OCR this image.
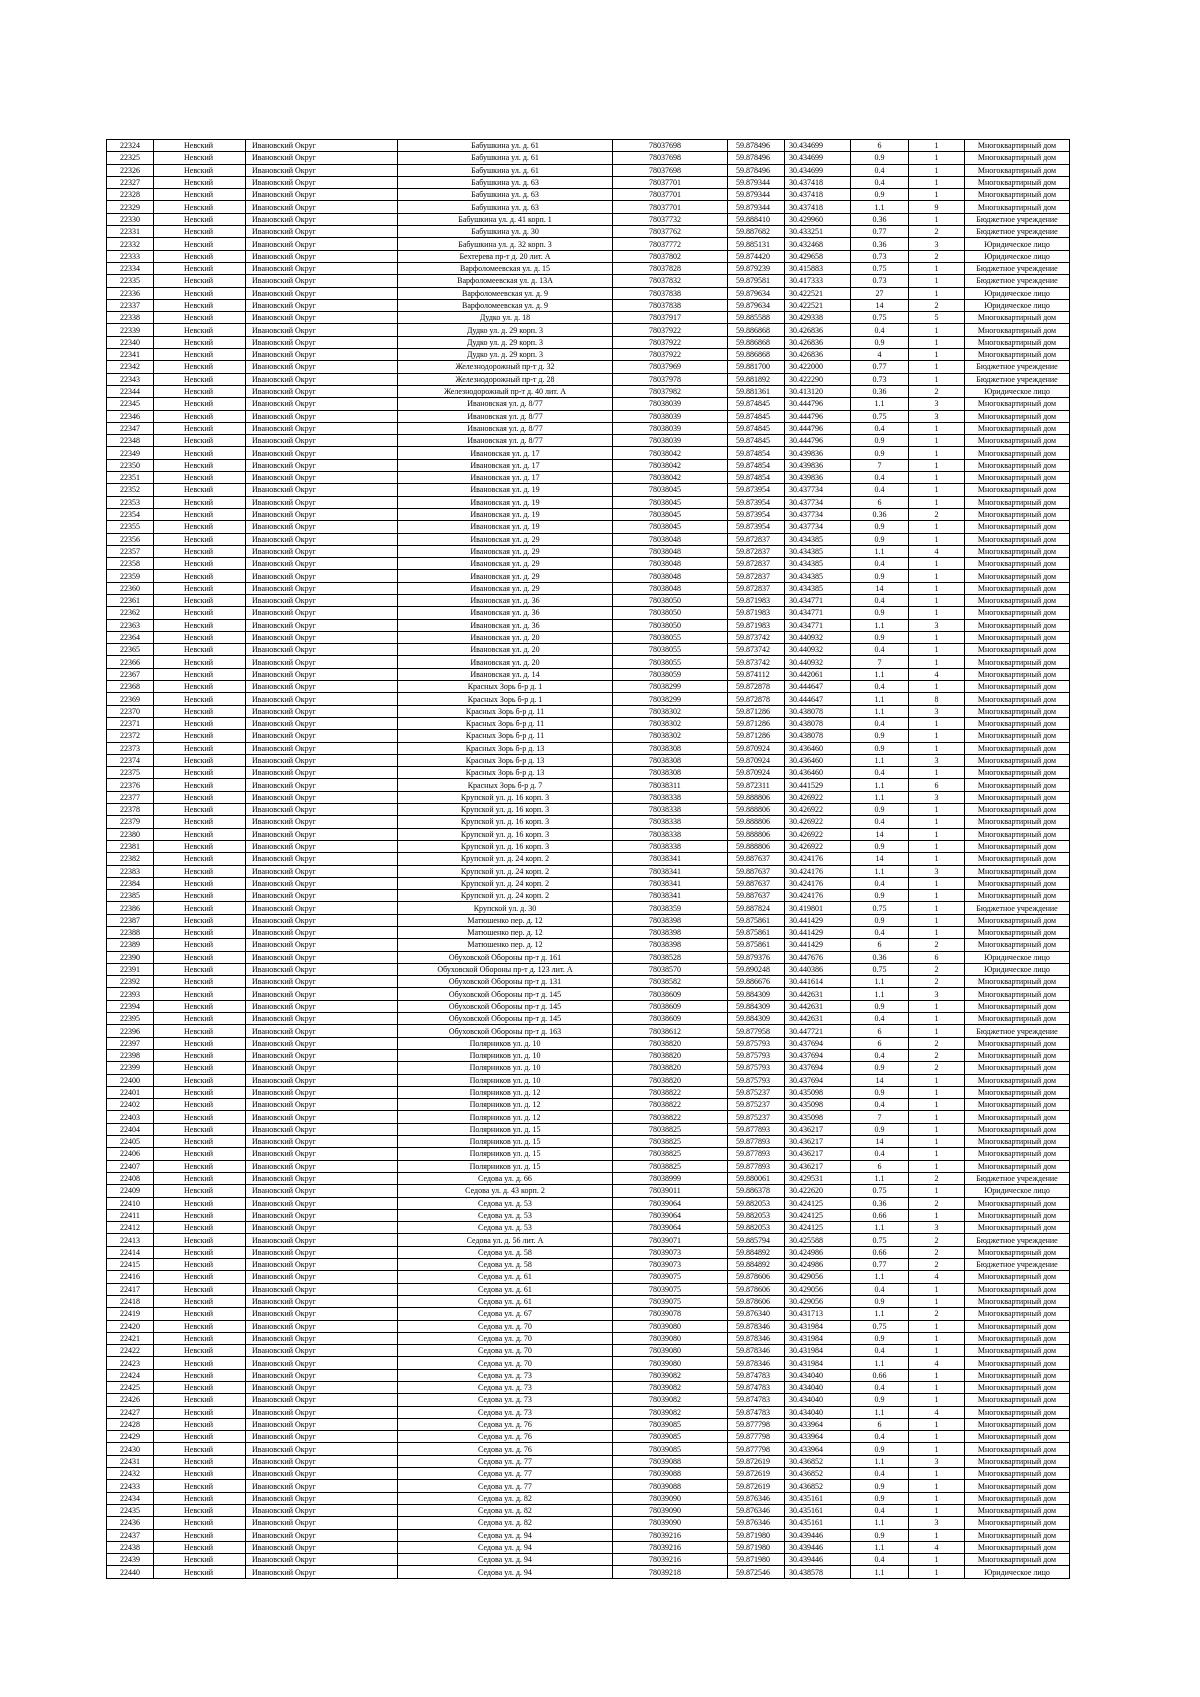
22324	Невский	Ивановский Округ	Бабушкина ул. д. 61	78037698	59.878496	30.434699	6	1	Многоквартирный дом
22325	Невский	Ивановский Округ	Бабушкина ул. д. 61	78037698	59.878496	30.434699	0.9	1	Многоквартирный дом
22326	Невский	Ивановский Округ	Бабушкина ул. д. 61	78037698	59.878496	30.434699	0.4	1	Многоквартирный дом
22327	Невский	Ивановский Округ	Бабушкина ул. д. 63	78037701	59.879344	30.437418	0.4	1	Многоквартирный дом
22328	Невский	Ивановский Округ	Бабушкина ул. д. 63	78037701	59.879344	30.437418	0.9	1	Многоквартирный дом
22329	Невский	Ивановский Округ	Бабушкина ул. д. 63	78037701	59.879344	30.437418	1.1	9	Многоквартирный дом
22330	Невский	Ивановский Округ	Бабушкина ул. д. 41 корп. 1	78037732	59.888410	30.429960	0.36	1	Бюджетное учреждение
22331	Невский	Ивановский Округ	Бабушкина ул. д. 30	78037762	59.887682	30.433251	0.77	2	Бюджетное учреждение
22332	Невский	Ивановский Округ	Бабушкина ул. д. 32 корп. 3	78037772	59.885131	30.432468	0.36	3	Юридическое лицо
22333	Невский	Ивановский Округ	Бехтерева пр-т д. 20 лит. А	78037802	59.874420	30.429658	0.73	2	Юридическое лицо
22334	Невский	Ивановский Округ	Варфоломеевская ул. д. 15	78037828	59.879239	30.415883	0.75	1	Бюджетное учреждение
22335	Невский	Ивановский Округ	Варфоломеевская ул. д. 13А	78037832	59.879581	30.417333	0.73	1	Бюджетное учреждение
22336	Невский	Ивановский Округ	Варфоломеевская ул. д. 9	78037838	59.879634	30.422521	27	1	Юридическое лицо
22337	Невский	Ивановский Округ	Варфоломеевская ул. д. 9	78037838	59.879634	30.422521	14	2	Юридическое лицо
22338	Невский	Ивановский Округ	Дудко ул. д. 18	78037917	59.885588	30.429338	0.75	5	Многоквартирный дом
22339	Невский	Ивановский Округ	Дудко ул. д. 29 корп. 3	78037922	59.886868	30.426836	0.4	1	Многоквартирный дом
22340	Невский	Ивановский Округ	Дудко ул. д. 29 корп. 3	78037922	59.886868	30.426836	0.9	1	Многоквартирный дом
22341	Невский	Ивановский Округ	Дудко ул. д. 29 корп. 3	78037922	59.886868	30.426836	4	1	Многоквартирный дом
22342	Невский	Ивановский Округ	Железнодорожный пр-т д. 32	78037969	59.881700	30.422000	0.77	1	Бюджетное учреждение
22343	Невский	Ивановский Округ	Железнодорожный пр-т д. 28	78037978	59.881892	30.422290	0.73	1	Бюджетное учреждение
22344	Невский	Ивановский Округ	Железнодорожный пр-т д. 40 лит. А	78037982	59.881361	30.413120	0.36	2	Юридическое лицо
22345	Невский	Ивановский Округ	Ивановская ул. д. 8/77	78038039	59.874845	30.444796	1.1	3	Многоквартирный дом
22346	Невский	Ивановский Округ	Ивановская ул. д. 8/77	78038039	59.874845	30.444796	0.75	3	Многоквартирный дом
22347	Невский	Ивановский Округ	Ивановская ул. д. 8/77	78038039	59.874845	30.444796	0.4	1	Многоквартирный дом
22348	Невский	Ивановский Округ	Ивановская ул. д. 8/77	78038039	59.874845	30.444796	0.9	1	Многоквартирный дом
22349	Невский	Ивановский Округ	Ивановская ул. д. 17	78038042	59.874854	30.439836	0.9	1	Многоквартирный дом
22350	Невский	Ивановский Округ	Ивановская ул. д. 17	78038042	59.874854	30.439836	7	1	Многоквартирный дом
22351	Невский	Ивановский Округ	Ивановская ул. д. 17	78038042	59.874854	30.439836	0.4	1	Многоквартирный дом
22352	Невский	Ивановский Округ	Ивановская ул. д. 19	78038045	59.873954	30.437734	0.4	1	Многоквартирный дом
22353	Невский	Ивановский Округ	Ивановская ул. д. 19	78038045	59.873954	30.437734	6	1	Многоквартирный дом
22354	Невский	Ивановский Округ	Ивановская ул. д. 19	78038045	59.873954	30.437734	0.36	2	Многоквартирный дом
22355	Невский	Ивановский Округ	Ивановская ул. д. 19	78038045	59.873954	30.437734	0.9	1	Многоквартирный дом
22356	Невский	Ивановский Округ	Ивановская ул. д. 29	78038048	59.872837	30.434385	0.9	1	Многоквартирный дом
22357	Невский	Ивановский Округ	Ивановская ул. д. 29	78038048	59.872837	30.434385	1.1	4	Многоквартирный дом
22358	Невский	Ивановский Округ	Ивановская ул. д. 29	78038048	59.872837	30.434385	0.4	1	Многоквартирный дом
22359	Невский	Ивановский Округ	Ивановская ул. д. 29	78038048	59.872837	30.434385	0.9	1	Многоквартирный дом
22360	Невский	Ивановский Округ	Ивановская ул. д. 29	78038048	59.872837	30.434385	14	1	Многоквартирный дом
22361	Невский	Ивановский Округ	Ивановская ул. д. 36	78038050	59.871983	30.434771	0.4	1	Многоквартирный дом
22362	Невский	Ивановский Округ	Ивановская ул. д. 36	78038050	59.871983	30.434771	0.9	1	Многоквартирный дом
22363	Невский	Ивановский Округ	Ивановская ул. д. 36	78038050	59.871983	30.434771	1.1	3	Многоквартирный дом
22364	Невский	Ивановский Округ	Ивановская ул. д. 20	78038055	59.873742	30.440932	0.9	1	Многоквартирный дом
22365	Невский	Ивановский Округ	Ивановская ул. д. 20	78038055	59.873742	30.440932	0.4	1	Многоквартирный дом
22366	Невский	Ивановский Округ	Ивановская ул. д. 20	78038055	59.873742	30.440932	7	1	Многоквартирный дом
22367	Невский	Ивановский Округ	Ивановская ул. д. 14	78038059	59.874112	30.442061	1.1	4	Многоквартирный дом
22368	Невский	Ивановский Округ	Красных Зорь б-р д. 1	78038299	59.872878	30.444647	0.4	1	Многоквартирный дом
22369	Невский	Ивановский Округ	Красных Зорь б-р д. 1	78038299	59.872878	30.444647	1.1	8	Многоквартирный дом
22370	Невский	Ивановский Округ	Красных Зорь б-р д. 11	78038302	59.871286	30.438078	1.1	3	Многоквартирный дом
22371	Невский	Ивановский Округ	Красных Зорь б-р д. 11	78038302	59.871286	30.438078	0.4	1	Многоквартирный дом
22372	Невский	Ивановский Округ	Красных Зорь б-р д. 11	78038302	59.871286	30.438078	0.9	1	Многоквартирный дом
22373	Невский	Ивановский Округ	Красных Зорь б-р д. 13	78038308	59.870924	30.436460	0.9	1	Многоквартирный дом
22374	Невский	Ивановский Округ	Красных Зорь б-р д. 13	78038308	59.870924	30.436460	1.1	3	Многоквартирный дом
22375	Невский	Ивановский Округ	Красных Зорь б-р д. 13	78038308	59.870924	30.436460	0.4	1	Многоквартирный дом
22376	Невский	Ивановский Округ	Красных Зорь б-р д. 7	78038311	59.872311	30.441529	1.1	6	Многоквартирный дом
22377	Невский	Ивановский Округ	Крупской ул. д. 16 корп. 3	78038338	59.888806	30.426922	1.1	3	Многоквартирный дом
22378	Невский	Ивановский Округ	Крупской ул. д. 16 корп. 3	78038338	59.888806	30.426922	0.9	1	Многоквартирный дом
22379	Невский	Ивановский Округ	Крупской ул. д. 16 корп. 3	78038338	59.888806	30.426922	0.4	1	Многоквартирный дом
22380	Невский	Ивановский Округ	Крупской ул. д. 16 корп. 3	78038338	59.888806	30.426922	14	1	Многоквартирный дом
22381	Невский	Ивановский Округ	Крупской ул. д. 16 корп. 3	78038338	59.888806	30.426922	0.9	1	Многоквартирный дом
22382	Невский	Ивановский Округ	Крупской ул. д. 24 корп. 2	78038341	59.887637	30.424176	14	1	Многоквартирный дом
22383	Невский	Ивановский Округ	Крупской ул. д. 24 корп. 2	78038341	59.887637	30.424176	1.1	3	Многоквартирный дом
22384	Невский	Ивановский Округ	Крупской ул. д. 24 корп. 2	78038341	59.887637	30.424176	0.4	1	Многоквартирный дом
22385	Невский	Ивановский Округ	Крупской ул. д. 24 корп. 2	78038341	59.887637	30.424176	0.9	1	Многоквартирный дом
22386	Невский	Ивановский Округ	Крупской ул. д. 30	78038359	59.887824	30.419801	0.75	1	Бюджетное учреждение
22387	Невский	Ивановский Округ	Матюшенко пер. д. 12	78038398	59.875861	30.441429	0.9	1	Многоквартирный дом
22388	Невский	Ивановский Округ	Матюшенко пер. д. 12	78038398	59.875861	30.441429	0.4	1	Многоквартирный дом
22389	Невский	Ивановский Округ	Матюшенко пер. д. 12	78038398	59.875861	30.441429	6	2	Многоквартирный дом
22390	Невский	Ивановский Округ	Обуховской Обороны пр-т д. 161	78038528	59.879376	30.447676	0.36	6	Юридическое лицо
22391	Невский	Ивановский Округ	Обуховской Обороны пр-т д. 123 лит. А	78038570	59.890248	30.440386	0.75	2	Юридическое лицо
22392	Невский	Ивановский Округ	Обуховской Обороны пр-т д. 131	78038582	59.886676	30.441614	1.1	2	Многоквартирный дом
22393	Невский	Ивановский Округ	Обуховской Обороны пр-т д. 145	78038609	59.884309	30.442631	1.1	3	Многоквартирный дом
22394	Невский	Ивановский Округ	Обуховской Обороны пр-т д. 145	78038609	59.884309	30.442631	0.9	1	Многоквартирный дом
22395	Невский	Ивановский Округ	Обуховской Обороны пр-т д. 145	78038609	59.884309	30.442631	0.4	1	Многоквартирный дом
22396	Невский	Ивановский Округ	Обуховской Обороны пр-т д. 163	78038612	59.877958	30.447721	6	1	Бюджетное учреждение
22397	Невский	Ивановский Округ	Полярников ул. д. 10	78038820	59.875793	30.437694	6	2	Многоквартирный дом
22398	Невский	Ивановский Округ	Полярников ул. д. 10	78038820	59.875793	30.437694	0.4	2	Многоквартирный дом
22399	Невский	Ивановский Округ	Полярников ул. д. 10	78038820	59.875793	30.437694	0.9	2	Многоквартирный дом
22400	Невский	Ивановский Округ	Полярников ул. д. 10	78038820	59.875793	30.437694	14	1	Многоквартирный дом
22401	Невский	Ивановский Округ	Полярников ул. д. 12	78038822	59.875237	30.435098	0.9	1	Многоквартирный дом
22402	Невский	Ивановский Округ	Полярников ул. д. 12	78038822	59.875237	30.435098	0.4	1	Многоквартирный дом
22403	Невский	Ивановский Округ	Полярников ул. д. 12	78038822	59.875237	30.435098	7	1	Многоквартирный дом
22404	Невский	Ивановский Округ	Полярников ул. д. 15	78038825	59.877893	30.436217	0.9	1	Многоквартирный дом
22405	Невский	Ивановский Округ	Полярников ул. д. 15	78038825	59.877893	30.436217	14	1	Многоквартирный дом
22406	Невский	Ивановский Округ	Полярников ул. д. 15	78038825	59.877893	30.436217	0.4	1	Многоквартирный дом
22407	Невский	Ивановский Округ	Полярников ул. д. 15	78038825	59.877893	30.436217	6	1	Многоквартирный дом
22408	Невский	Ивановский Округ	Седова ул. д. 66	78038999	59.880061	30.429531	1.1	2	Бюджетное учреждение
22409	Невский	Ивановский Округ	Седова ул. д. 43 корп. 2	78039011	59.886378	30.422620	0.75	1	Юридическое лицо
22410	Невский	Ивановский Округ	Седова ул. д. 53	78039064	59.882053	30.424125	0.36	2	Многоквартирный дом
22411	Невский	Ивановский Округ	Седова ул. д. 53	78039064	59.882053	30.424125	0.66	1	Многоквартирный дом
22412	Невский	Ивановский Округ	Седова ул. д. 53	78039064	59.882053	30.424125	1.1	3	Многоквартирный дом
22413	Невский	Ивановский Округ	Седова ул. д. 56 лит. А	78039071	59.885794	30.425588	0.75	2	Бюджетное учреждение
22414	Невский	Ивановский Округ	Седова ул. д. 58	78039073	59.884892	30.424986	0.66	2	Многоквартирный дом
22415	Невский	Ивановский Округ	Седова ул. д. 58	78039073	59.884892	30.424986	0.77	2	Бюджетное учреждение
22416	Невский	Ивановский Округ	Седова ул. д. 61	78039075	59.878606	30.429056	1.1	4	Многоквартирный дом
22417	Невский	Ивановский Округ	Седова ул. д. 61	78039075	59.878606	30.429056	0.4	1	Многоквартирный дом
22418	Невский	Ивановский Округ	Седова ул. д. 61	78039075	59.878606	30.429056	0.9	1	Многоквартирный дом
22419	Невский	Ивановский Округ	Седова ул. д. 67	78039078	59.876340	30.431713	1.1	2	Многоквартирный дом
22420	Невский	Ивановский Округ	Седова ул. д. 70	78039080	59.878346	30.431984	0.75	1	Многоквартирный дом
22421	Невский	Ивановский Округ	Седова ул. д. 70	78039080	59.878346	30.431984	0.9	1	Многоквартирный дом
22422	Невский	Ивановский Округ	Седова ул. д. 70	78039080	59.878346	30.431984	0.4	1	Многоквартирный дом
22423	Невский	Ивановский Округ	Седова ул. д. 70	78039080	59.878346	30.431984	1.1	4	Многоквартирный дом
22424	Невский	Ивановский Округ	Седова ул. д. 73	78039082	59.874783	30.434040	0.66	1	Многоквартирный дом
22425	Невский	Ивановский Округ	Седова ул. д. 73	78039082	59.874783	30.434040	0.4	1	Многоквартирный дом
22426	Невский	Ивановский Округ	Седова ул. д. 73	78039082	59.874783	30.434040	0.9	1	Многоквартирный дом
22427	Невский	Ивановский Округ	Седова ул. д. 73	78039082	59.874783	30.434040	1.1	4	Многоквартирный дом
22428	Невский	Ивановский Округ	Седова ул. д. 76	78039085	59.877798	30.433964	6	1	Многоквартирный дом
22429	Невский	Ивановский Округ	Седова ул. д. 76	78039085	59.877798	30.433964	0.4	1	Многоквартирный дом
22430	Невский	Ивановский Округ	Седова ул. д. 76	78039085	59.877798	30.433964	0.9	1	Многоквартирный дом
22431	Невский	Ивановский Округ	Седова ул. д. 77	78039088	59.872619	30.436852	1.1	3	Многоквартирный дом
22432	Невский	Ивановский Округ	Седова ул. д. 77	78039088	59.872619	30.436852	0.4	1	Многоквартирный дом
22433	Невский	Ивановский Округ	Седова ул. д. 77	78039088	59.872619	30.436852	0.9	1	Многоквартирный дом
22434	Невский	Ивановский Округ	Седова ул. д. 82	78039090	59.876346	30.435161	0.9	1	Многоквартирный дом
22435	Невский	Ивановский Округ	Седова ул. д. 82	78039090	59.876346	30.435161	0.4	1	Многоквартирный дом
22436	Невский	Ивановский Округ	Седова ул. д. 82	78039090	59.876346	30.435161	1.1	3	Многоквартирный дом
22437	Невский	Ивановский Округ	Седова ул. д. 94	78039216	59.871980	30.439446	0.9	1	Многоквартирный дом
22438	Невский	Ивановский Округ	Седова ул. д. 94	78039216	59.871980	30.439446	1.1	4	Многоквартирный дом
22439	Невский	Ивановский Округ	Седова ул. д. 94	78039216	59.871980	30.439446	0.4	1	Многоквартирный дом
22440	Невский	Ивановский Округ	Седова ул. д. 94	78039218	59.872546	30.438578	1.1	1	Юридическое лицо
